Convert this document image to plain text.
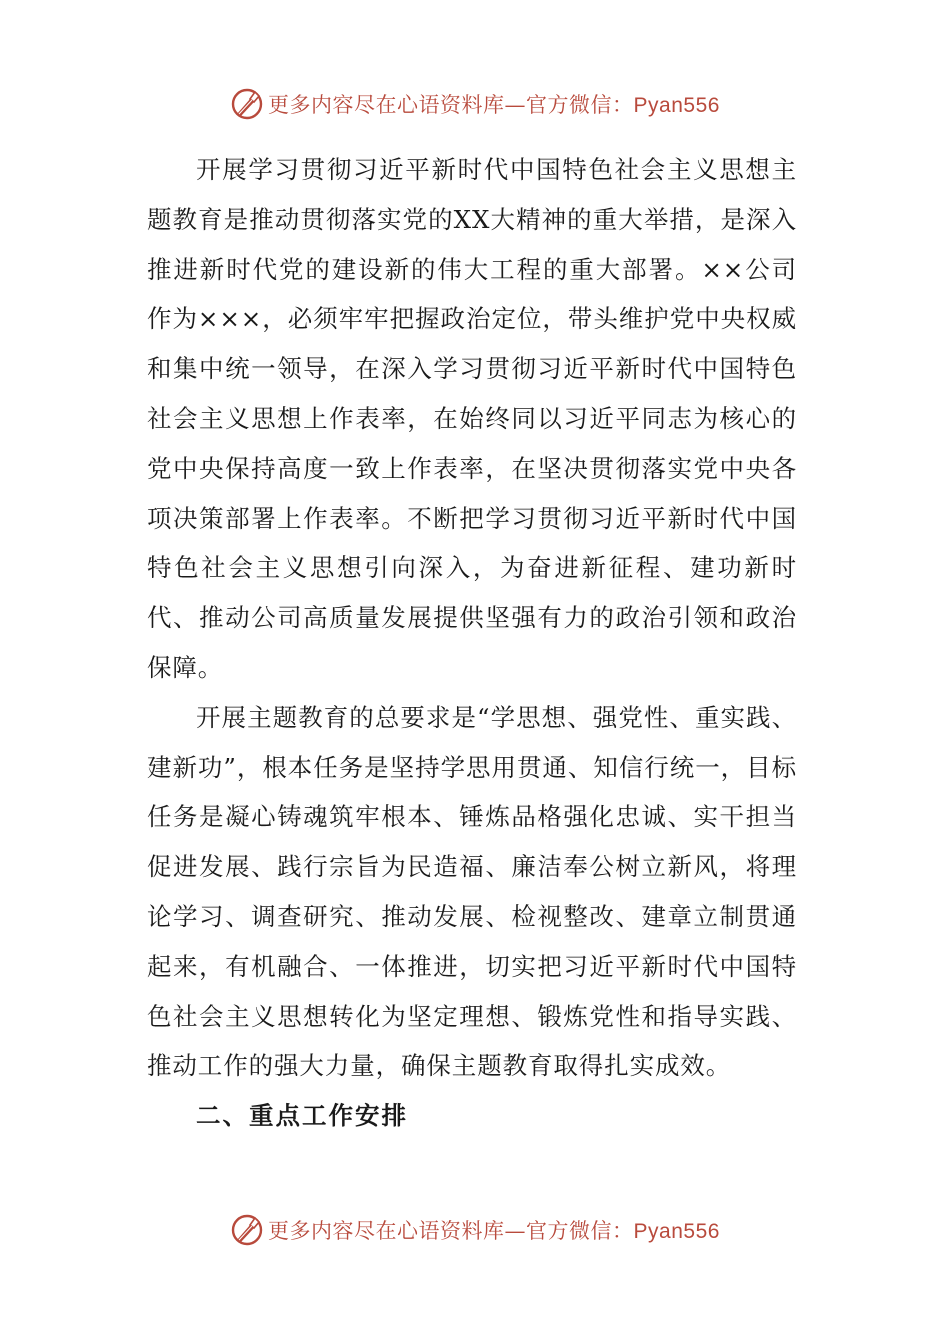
更多内容尽在心语资料库—官方微信：Pyan556

开展学习贯彻习近平新时代中国特色社会主义思想主题教育是推动贯彻落实党的XX大精神的重大举措，是深入推进新时代党的建设新的伟大工程的重大部署。××公司作为×××，必须牢牢把握政治定位，带头维护党中央权威和集中统一领导，在深入学习贯彻习近平新时代中国特色社会主义思想上作表率，在始终同以习近平同志为核心的党中央保持高度一致上作表率，在坚决贯彻落实党中央各项决策部署上作表率。不断把学习贯彻习近平新时代中国特色社会主义思想引向深入，为奋进新征程、建功新时代、推动公司高质量发展提供坚强有力的政治引领和政治保障。

开展主题教育的总要求是“学思想、强党性、重实践、建新功”，根本任务是坚持学思用贯通、知信行统一，目标任务是凝心铸魂筑牢根本、锤炼品格强化忠诚、实干担当促进发展、践行宗旨为民造福、廉洁奉公树立新风，将理论学习、调查研究、推动发展、检视整改、建章立制贯通起来，有机融合、一体推进，切实把习近平新时代中国特色社会主义思想转化为坚定理想、锻炼党性和指导实践、推动工作的强大力量，确保主题教育取得扎实成效。

二、重点工作安排

更多内容尽在心语资料库—官方微信：Pyan556
